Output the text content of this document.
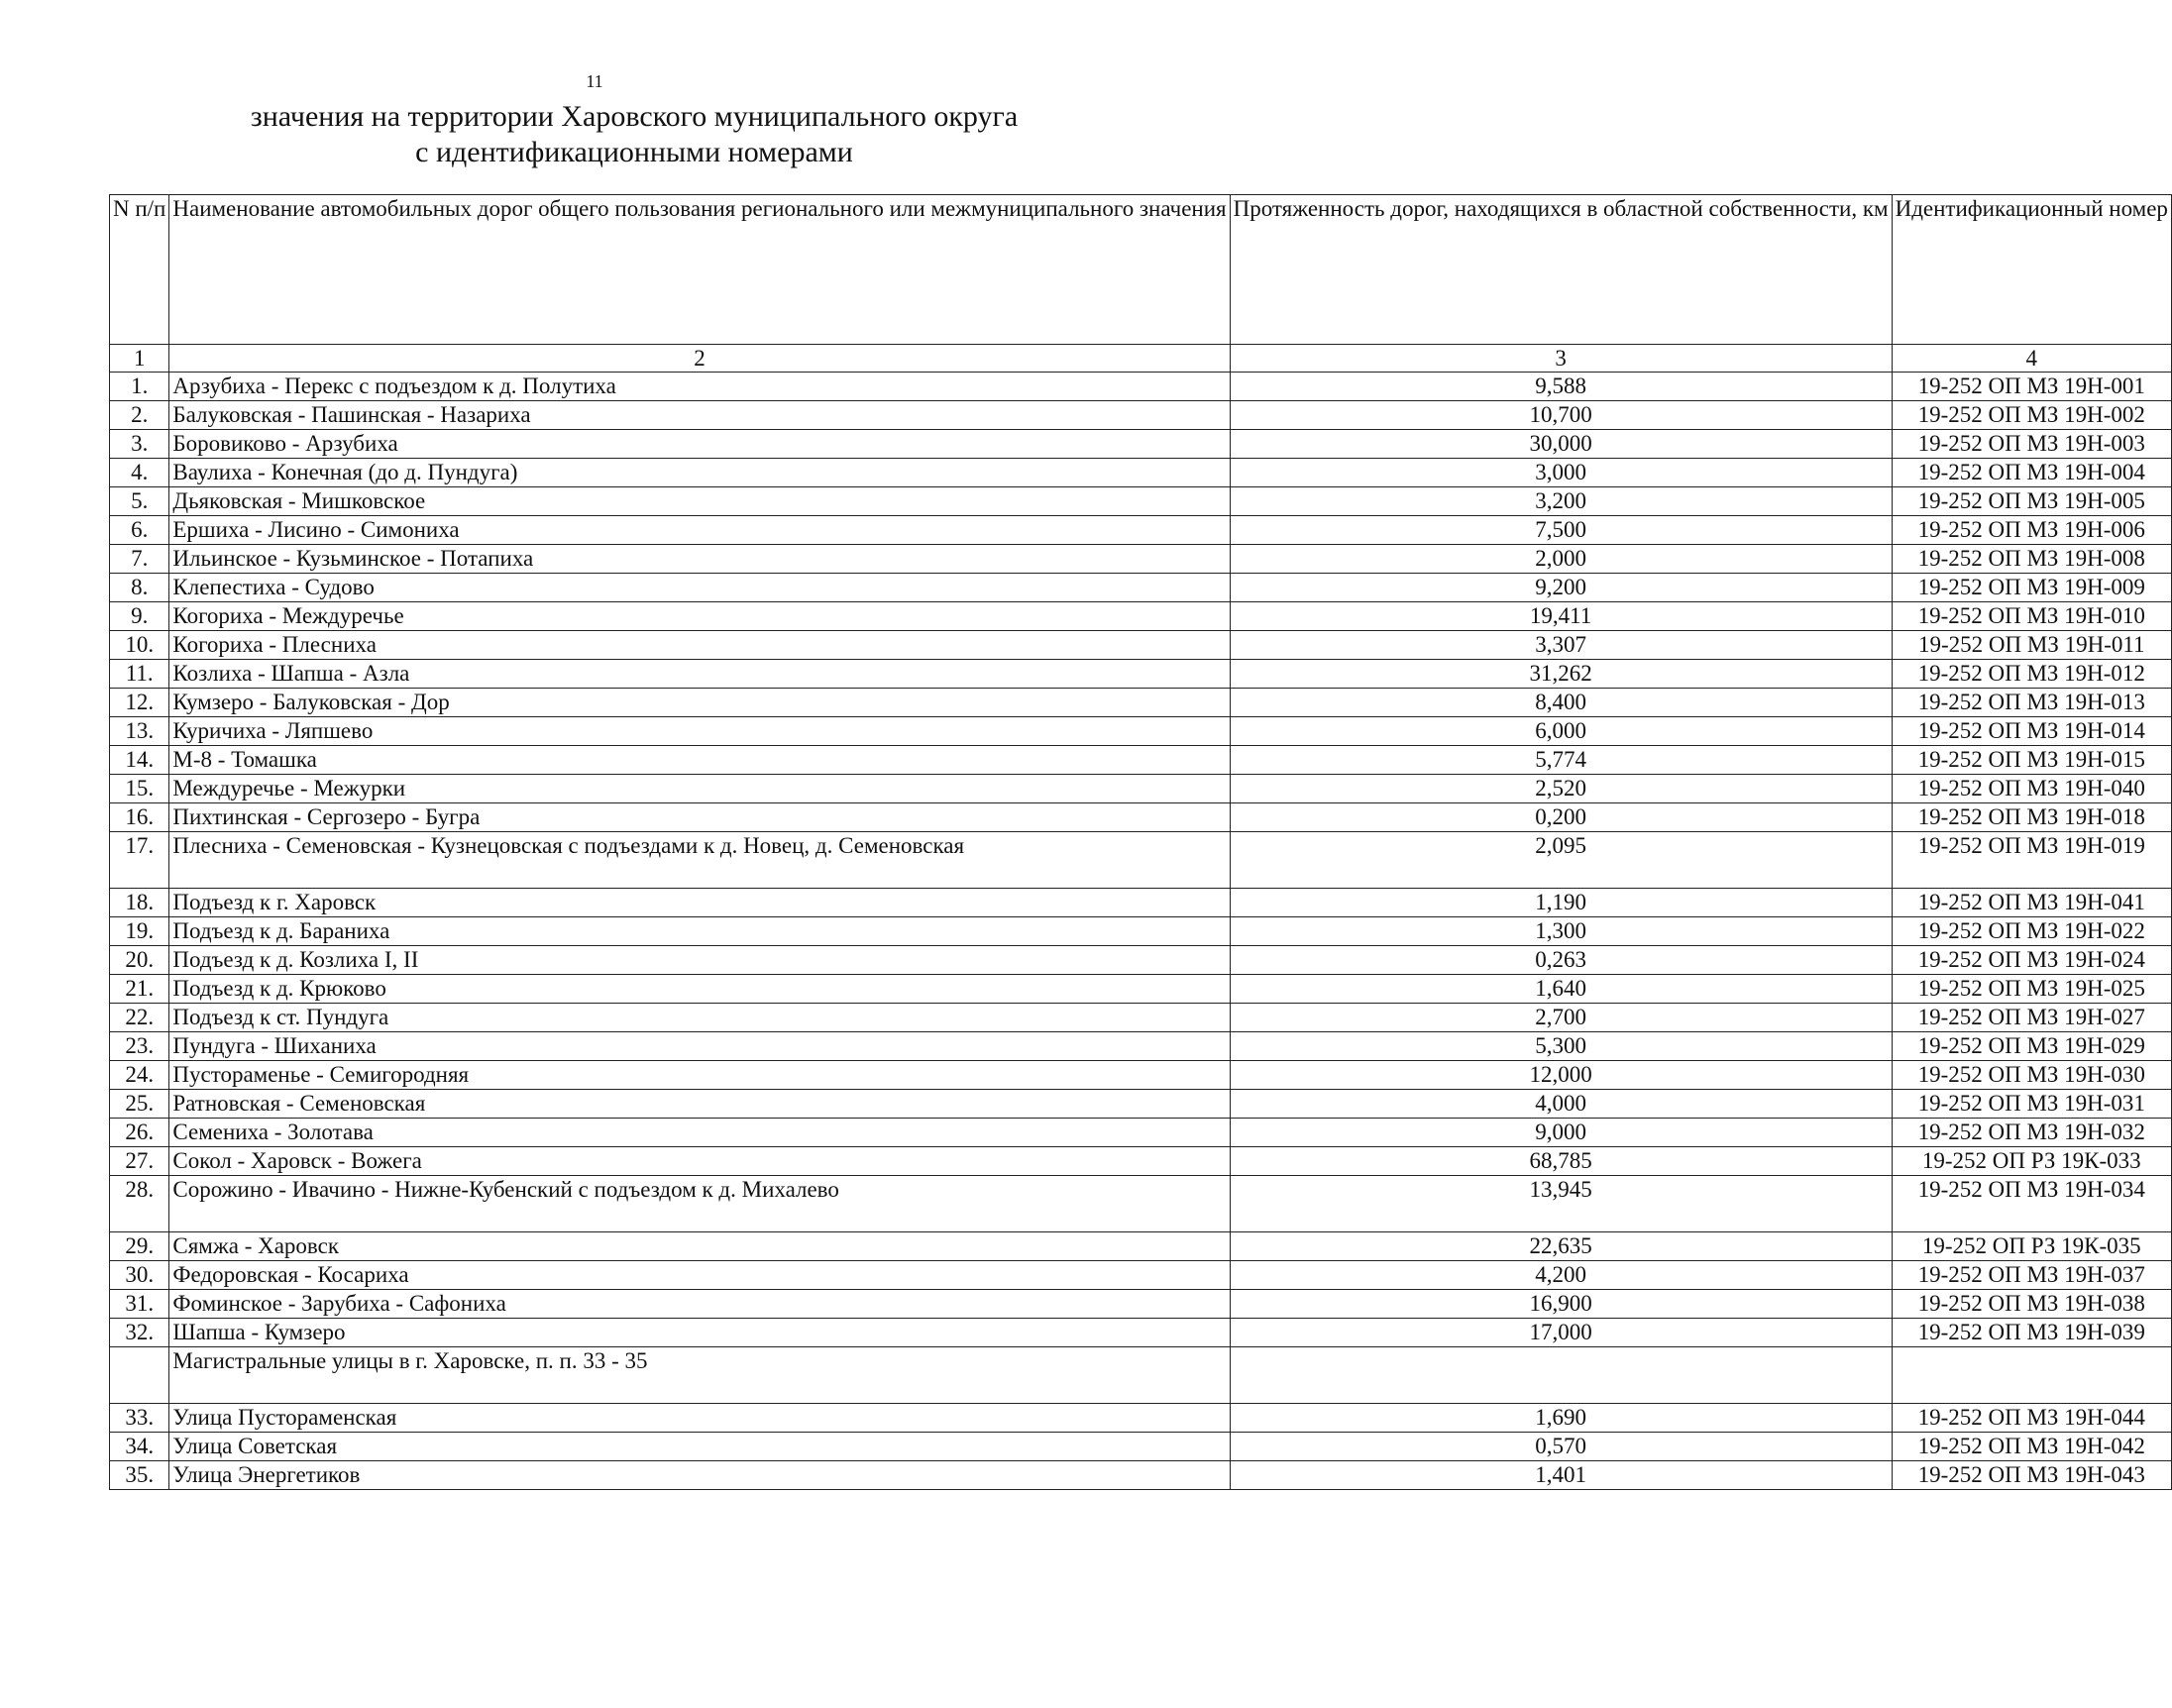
11
значения на территории Харовского муниципального округа
с идентификационными номерами
N п/п	Наименование автомобильных дорог общего пользования регионального или межмуниципального значения	Протяженность дорог, находящихся в областной собственности, км	Идентификационный номер
1	2	3	4
1.	Арзубиха - Перекс с подъездом к д. Полутиха	9,588	19-252 ОП МЗ 19Н-001
2.	Балуковская - Пашинская - Назариха	10,700	19-252 ОП МЗ 19Н-002
3.	Боровиково - Арзубиха	30,000	19-252 ОП МЗ 19Н-003
4.	Ваулиха - Конечная (до д. Пундуга)	3,000	19-252 ОП МЗ 19Н-004
5.	Дьяковская - Мишковское	3,200	19-252 ОП МЗ 19Н-005
6.	Ершиха - Лисино - Симониха	7,500	19-252 ОП МЗ 19Н-006
7.	Ильинское - Кузьминское - Потапиха	2,000	19-252 ОП МЗ 19Н-008
8.	Клепестиха - Судово	9,200	19-252 ОП МЗ 19Н-009
9.	Когориха - Междуречье	19,411	19-252 ОП МЗ 19Н-010
10.	Когориха - Плесниха	3,307	19-252 ОП МЗ 19Н-011
11.	Козлиха - Шапша - Азла	31,262	19-252 ОП МЗ 19Н-012
12.	Кумзеро - Балуковская - Дор	8,400	19-252 ОП МЗ 19Н-013
13.	Куричиха - Ляпшево	6,000	19-252 ОП МЗ 19Н-014
14.	М-8 - Томашка	5,774	19-252 ОП МЗ 19Н-015
15.	Междуречье - Межурки	2,520	19-252 ОП МЗ 19Н-040
16.	Пихтинская - Сергозеро - Бугра	0,200	19-252 ОП МЗ 19Н-018
17.	Плесниха - Семеновская - Кузнецовская с подъездами к д. Новец, д. Семеновская	2,095	19-252 ОП МЗ 19Н-019
18.	Подъезд к г. Харовск	1,190	19-252 ОП МЗ 19Н-041
19.	Подъезд к д. Бараниха	1,300	19-252 ОП МЗ 19Н-022
20.	Подъезд к д. Козлиха I, II	0,263	19-252 ОП МЗ 19Н-024
21.	Подъезд к д. Крюково	1,640	19-252 ОП МЗ 19Н-025
22.	Подъезд к ст. Пундуга	2,700	19-252 ОП МЗ 19Н-027
23.	Пундуга - Шиханиха	5,300	19-252 ОП МЗ 19Н-029
24.	Пустораменье - Семигородняя	12,000	19-252 ОП МЗ 19Н-030
25.	Ратновская - Семеновская	4,000	19-252 ОП МЗ 19Н-031
26.	Семениха - Золотава	9,000	19-252 ОП МЗ 19Н-032
27.	Сокол - Харовск - Вожега	68,785	19-252 ОП РЗ 19К-033
28.	Сорожино - Ивачино - Нижне-Кубенский с подъездом к д. Михалево	13,945	19-252 ОП МЗ 19Н-034
29.	Сямжа - Харовск	22,635	19-252 ОП РЗ 19К-035
30.	Федоровская - Косариха	4,200	19-252 ОП МЗ 19Н-037
31.	Фоминское - Зарубиха - Сафониха	16,900	19-252 ОП МЗ 19Н-038
32.	Шапша - Кумзеро	17,000	19-252 ОП МЗ 19Н-039
	Магистральные улицы в г. Харовске, п. п. 33 - 35		
33.	Улица Пустораменская	1,690	19-252 ОП МЗ 19Н-044
34.	Улица Советская	0,570	19-252 ОП МЗ 19Н-042
35.	Улица Энергетиков	1,401	19-252 ОП МЗ 19Н-043
